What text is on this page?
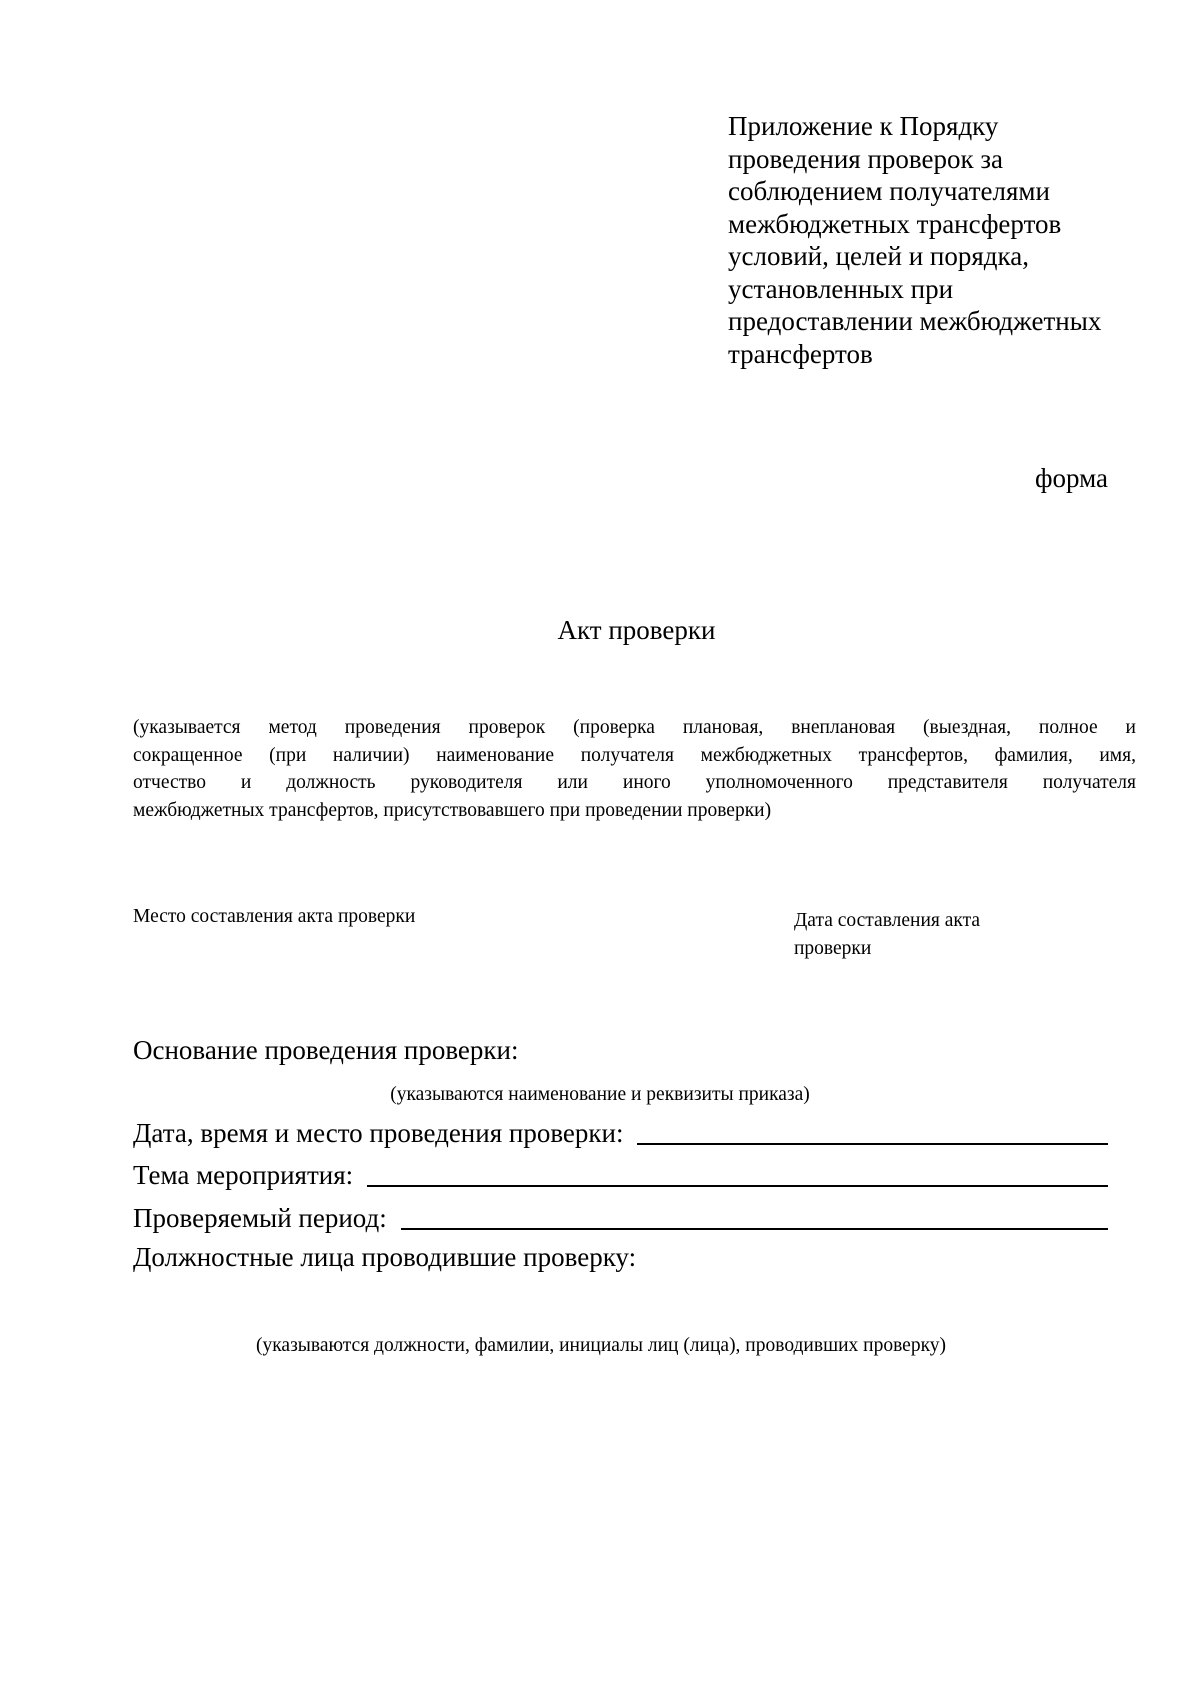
Приложение к Порядку
проведения проверок за
соблюдением получателями
межбюджетных трансфертов
условий, целей и порядка,
установленных при
предоставлении межбюджетных
трансфертов
форма
Акт проверки
(указывается метод проведения проверок (проверка плановая, внеплановая (выездная, полное и
сокращенное (при наличии) наименование получателя межбюджетных трансфертов, фамилия, имя,
отчество и должность руководителя или иного уполномоченного представителя получателя
межбюджетных трансфертов, присутствовавшего при проведении проверки)
Место составления акта проверки	Дата составления акта
проверки
Основание проведения проверки:
(указываются наименование и реквизиты приказа)
Дата, время и место проведения проверки:
Тема мероприятия:
Проверяемый период:
Должностные лица проводившие проверку:
(указываются должности, фамилии, инициалы лиц (лица), проводивших проверку)
